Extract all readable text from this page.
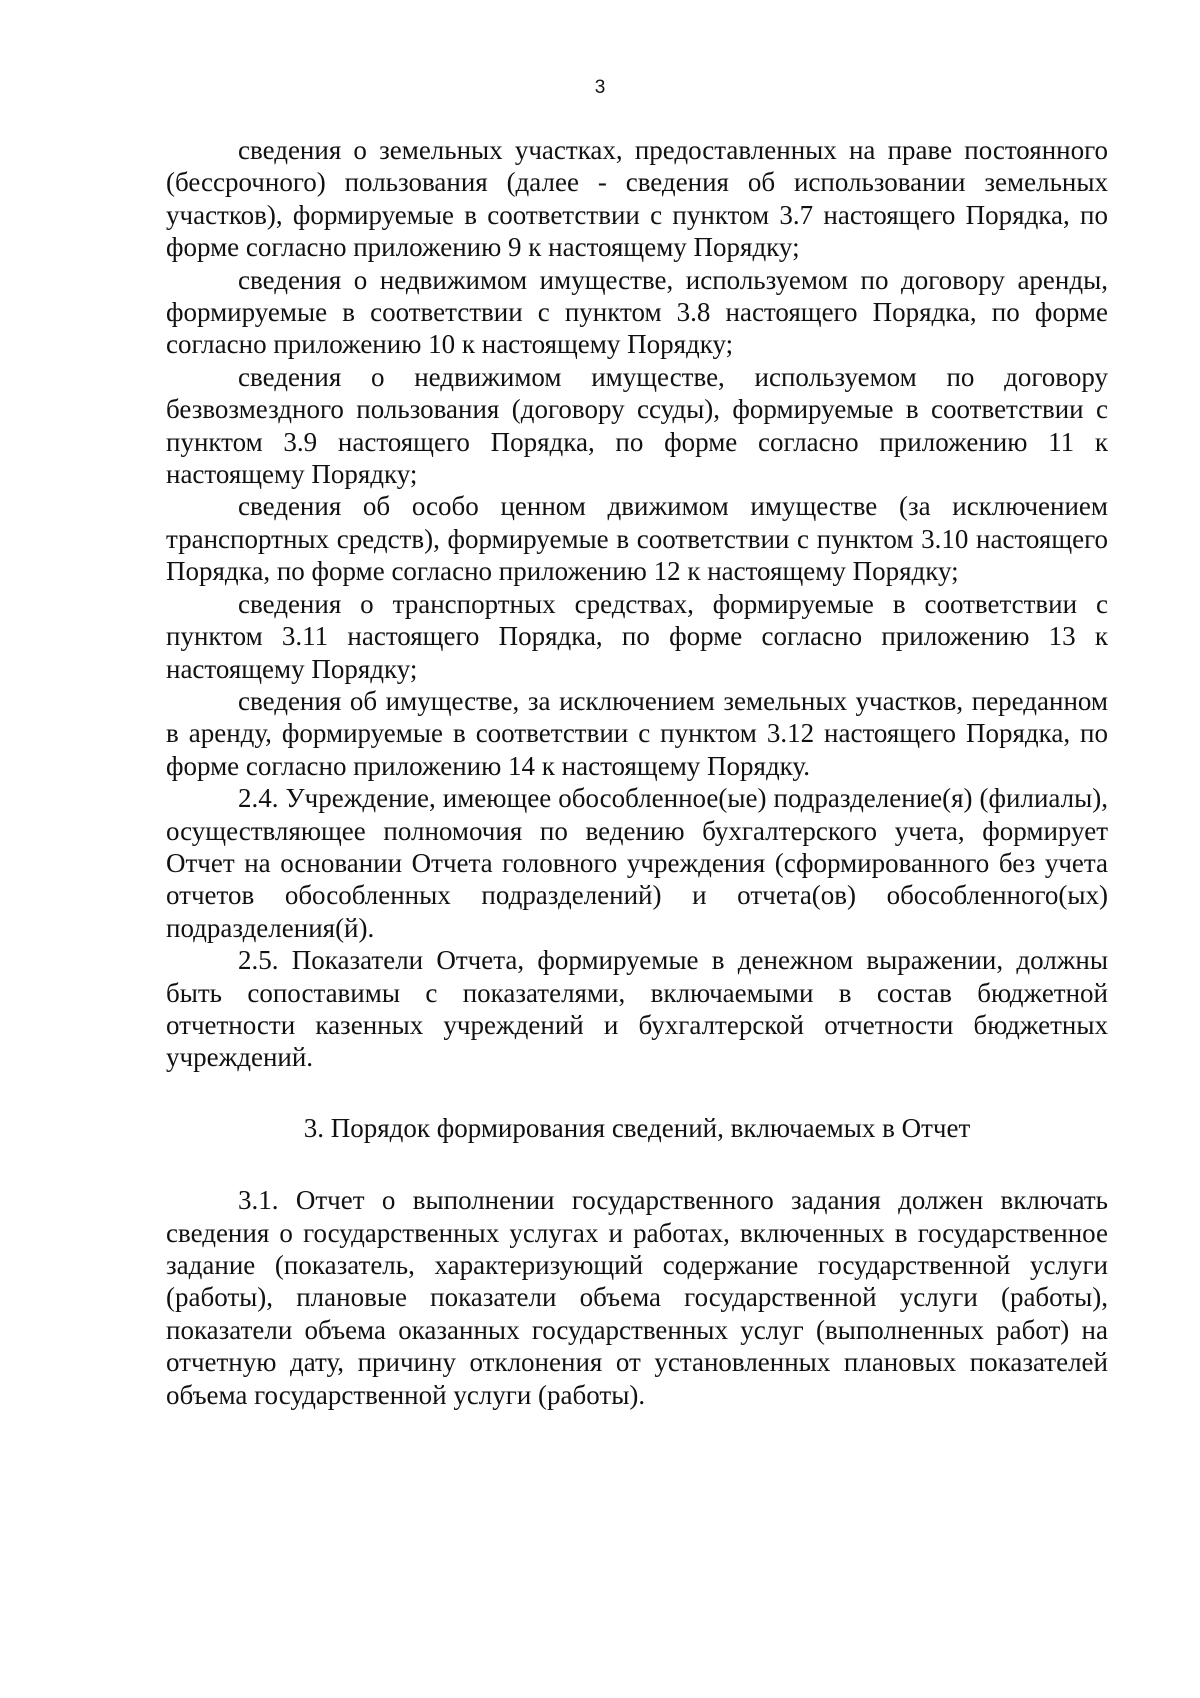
3

сведения о земельных участках, предоставленных на праве постоянного (бессрочного) пользования (далее - сведения об использовании земельных участков), формируемые в соответствии с пунктом 3.7 настоящего Порядка, по форме согласно приложению 9 к настоящему Порядку;

сведения о недвижимом имуществе, используемом по договору аренды, формируемые в соответствии с пунктом 3.8 настоящего Порядка, по форме согласно приложению 10 к настоящему Порядку;

сведения о недвижимом имуществе, используемом по договору безвозмездного пользования (договору ссуды), формируемые в соответствии с пунктом 3.9 настоящего Порядка, по форме согласно приложению 11 к настоящему Порядку;

сведения об особо ценном движимом имуществе (за исключением транспортных средств), формируемые в соответствии с пунктом 3.10 настоящего Порядка, по форме согласно приложению 12 к настоящему Порядку;

сведения о транспортных средствах, формируемые в соответствии с пунктом 3.11 настоящего Порядка, по форме согласно приложению 13 к настоящему Порядку;

сведения об имуществе, за исключением земельных участков, переданном в аренду, формируемые в соответствии с пунктом 3.12 настоящего Порядка, по форме согласно приложению 14 к настоящему Порядку.

2.4. Учреждение, имеющее обособленное(ые) подразделение(я) (филиалы), осуществляющее полномочия по ведению бухгалтерского учета, формирует Отчет на основании Отчета головного учреждения (сформированного без учета отчетов обособленных подразделений) и отчета(ов) обособленного(ых) подразделения(й).

2.5. Показатели Отчета, формируемые в денежном выражении, должны быть сопоставимы с показателями, включаемыми в состав бюджетной отчетности казенных учреждений и бухгалтерской отчетности бюджетных учреждений.

3. Порядок формирования сведений, включаемых в Отчет

3.1. Отчет о выполнении государственного задания должен включать сведения о государственных услугах и работах, включенных в государственное задание (показатель, характеризующий содержание государственной услуги (работы), плановые показатели объема государственной услуги (работы), показатели объема оказанных государственных услуг (выполненных работ) на отчетную дату, причину отклонения от установленных плановых показателей объема государственной услуги (работы).
